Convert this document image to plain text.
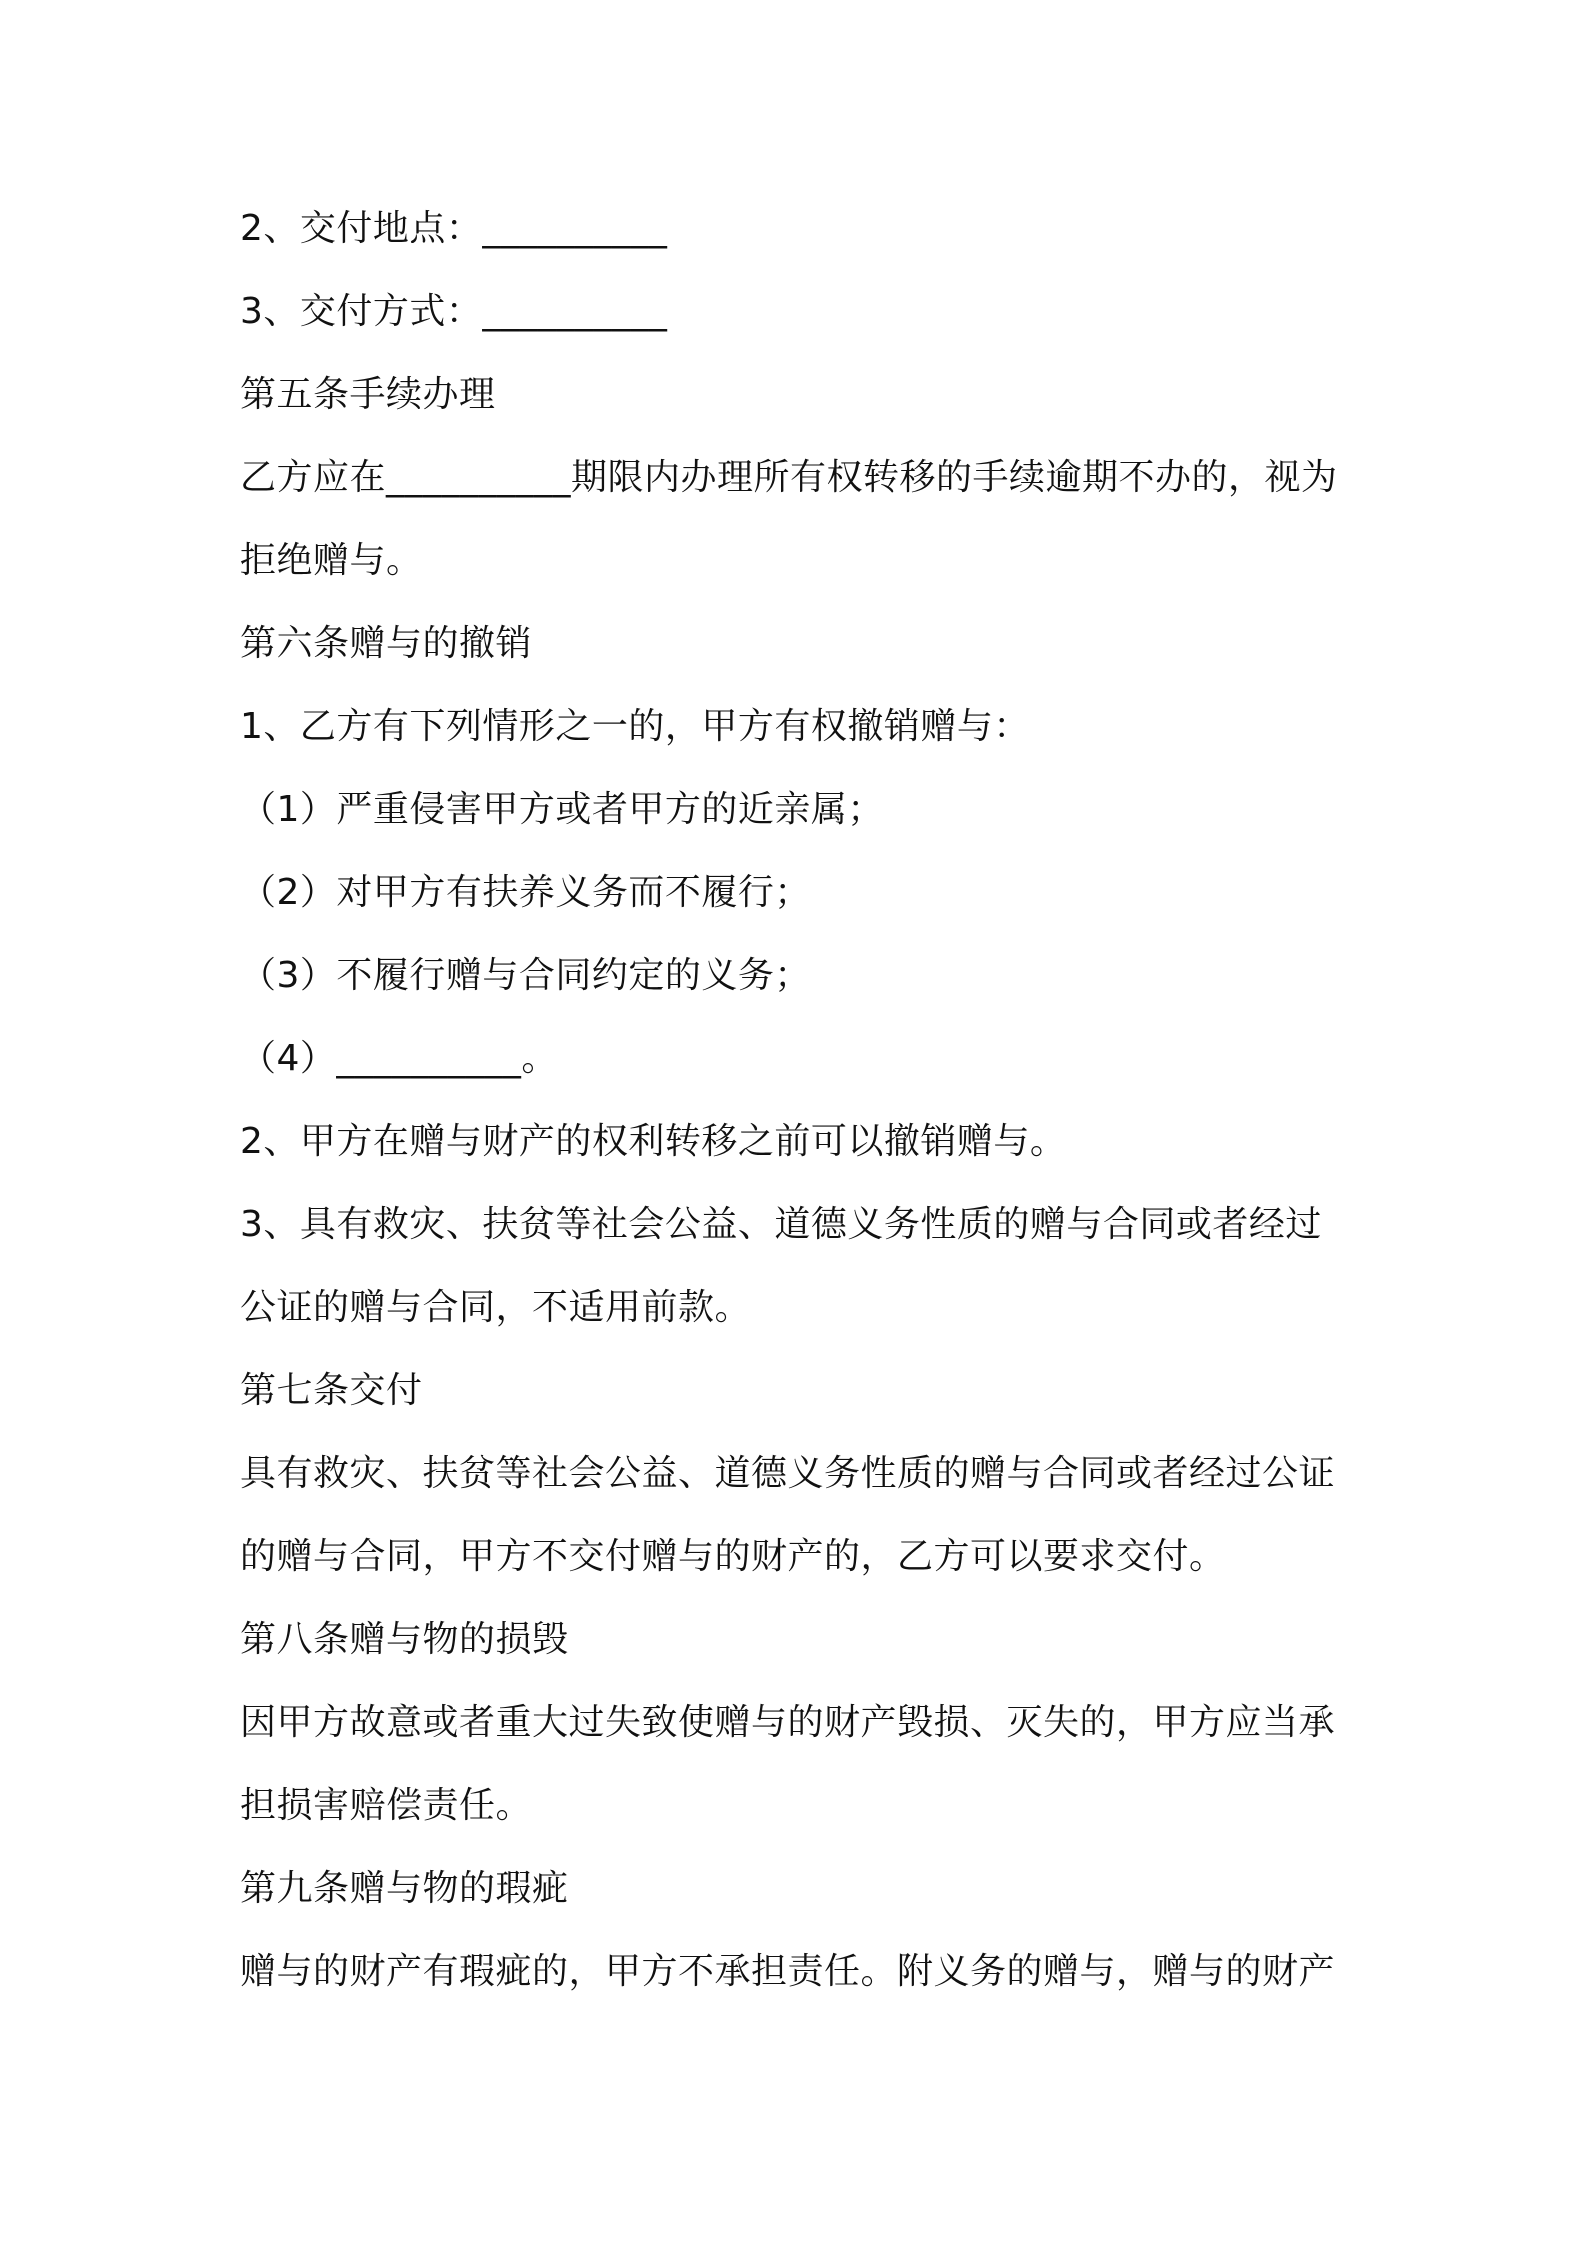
2、交付地点：__________
3、交付方式：__________
第五条手续办理
乙方应在__________期限内办理所有权转移的手续逾期不办的，视为
拒绝赠与。
第六条赠与的撤销
1、乙方有下列情形之一的，甲方有权撤销赠与：
（1）严重侵害甲方或者甲方的近亲属；
（2）对甲方有扶养义务而不履行；
（3）不履行赠与合同约定的义务；
（4）__________。
2、甲方在赠与财产的权利转移之前可以撤销赠与。
3、具有救灾、扶贫等社会公益、道德义务性质的赠与合同或者经过
公证的赠与合同，不适用前款。
第七条交付
具有救灾、扶贫等社会公益、道德义务性质的赠与合同或者经过公证
的赠与合同，甲方不交付赠与的财产的，乙方可以要求交付。
第八条赠与物的损毁
因甲方故意或者重大过失致使赠与的财产毁损、灭失的，甲方应当承
担损害赔偿责任。
第九条赠与物的瑕疵
赠与的财产有瑕疵的，甲方不承担责任。附义务的赠与，赠与的财产
